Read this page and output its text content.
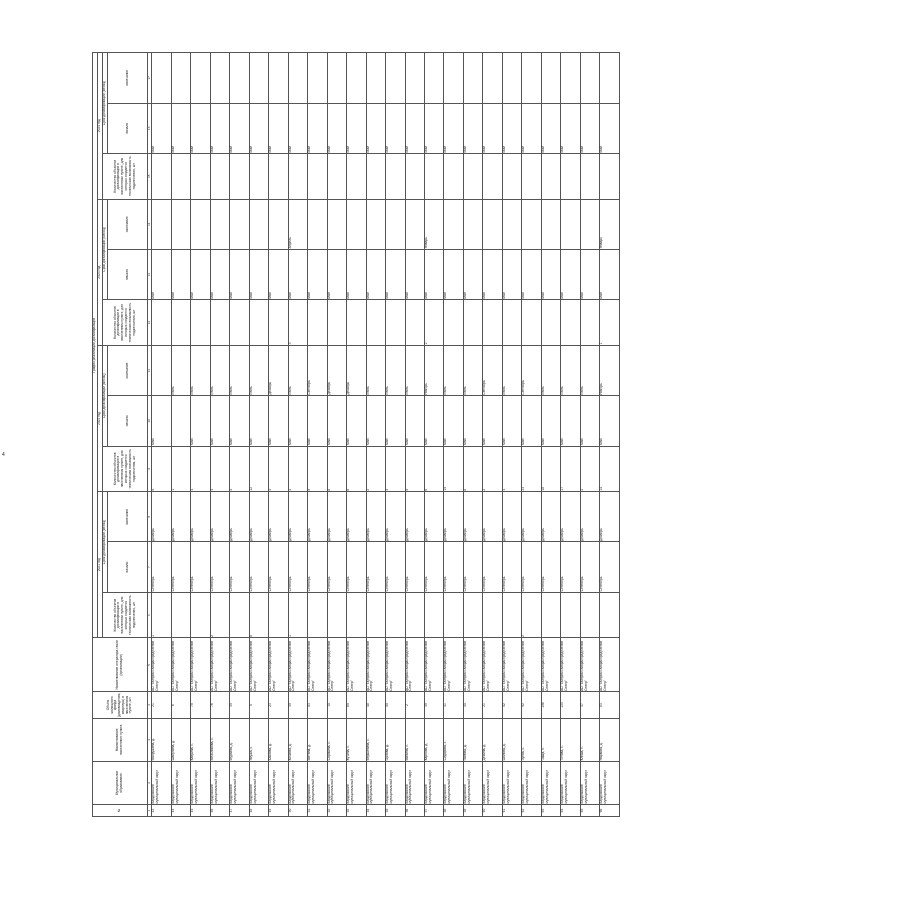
4
№	Муниципальное образование	Наименование населенного пункта	Объём жилищного фонда (домовладения, квартиры) в населенном пункте, шт.	Наименование оператора связи (организации)	График реализации догазификации											
					2021 год			2022 год			2023 год			2024 год		
					Количество объектов догазификации в населенном пункте, для которых создается техническая возможность подключения, шт	Срок догазификации (месяц)		Количество объектов догазификации в населенном пункте, для которых создается техническая возможность подключения, шт	Срок догазификации (месяц)		Количество объектов догазификации в населенном пункте, для которых создается техническая возможность подключения, шт	Срок догазификации (месяц)		Количество объектов догазификации в населенном пункте, для которых создается техническая возможность подключения, шт	Срок догазификации (месяц)	
						начало	окончание		начало	окончание		начало	окончание		начало	окончание
1	2	3	4	5	6	7	8	9	10	11	12	13	14	15	16	17
43	Бердюжский муниципальный округ	Мокрушина, д.	21	АО "Газпром газораспределение Север"	1	Сентябрь	Декабрь	9	Май			Май			Май	
44	Бердюжский муниципальный округ	Шабунина, д.	6	АО "Газпром газораспределение Север"		Сентябрь	Декабрь	1		Июнь		Май			Май	
45	Бердюжский муниципальный округ	Каврина, с.	79	АО "Газпром газораспределение Север"		Сентябрь	Декабрь	4	Май	Июнь		Май			Май	
46	Бердюжский муниципальный округ	Мельникова, с.	76	АО "Газпром газораспределение Север"	2	Сентябрь	Декабрь	4	Май	Июнь		Май			Май	
47	Бердюжский муниципальный округ	Мурзина, д.	30	АО "Газпром газораспределение Север"		Сентябрь	Декабрь	4	Май	Июнь		Май			Май	
48	Бердюжский муниципальный округ	Якуша, с.	5	АО "Газпром газораспределение Север"	8	Сентябрь	Декабрь	12	Май	Июнь		Май			Май	
49	Бердюжский муниципальный округ	Баскова, д.	23	АО "Газпром газораспределение Север"		Сентябрь	Декабрь	4	Май	Декабрь		Май			Май	
50	Бердюжский муниципальный округ	Кочкова, д.	30	АО "Газпром газораспределение Север"	1	Сентябрь	Декабрь	4	Май	Июнь	3	Май	Апрель		Май	
51	Бердюжский муниципальный округ	Митина, д.	83	АО "Газпром газораспределение Север"		Сентябрь	Декабрь	9	Май	Сентябрь		Май			Май	
52	Бердюжский муниципальный округ	Сорокина, с.	15	АО "Газпром газораспределение Север"		Сентябрь	Декабрь	8	Май	Декабрь		Май			Май	
53	Бердюжский муниципальный округ	Кучина, с.	60	АО "Газпром газораспределение Север"		Сентябрь	Декабрь	8	Май	Декабрь		Май			Май	
54	Бердюжский муниципальный округ	Вершинина, с.	48	АО "Газпром газораспределение Север"		Сентябрь	Декабрь	2	Май	Июнь		Май			Май	
55	Бердюжский муниципальный округ	Орлова, д.	55	АО "Газпром газораспределение Север"		Сентябрь	Декабрь	3	Май	Июнь		Май			Май	
56	Бердюжский муниципальный округ	Минина, с.	2	АО "Газпром газораспределение Север"		Сентябрь	Декабрь	5	Май	Июнь		Май			Май	
57	Бердюжский муниципальный округ	Карпова, д.	39	АО "Газпром газораспределение Север"		Сентябрь	Декабрь	6	Май	Ноябрь	2	Май	Январь		Май	
58	Бердюжский муниципальный округ	Сидорова, с.	41	АО "Газпром газораспределение Север"		Сентябрь	Декабрь	15	Май	Июнь		Май			Май	
59	Бердюжский муниципальный округ	Панова, д.	45	АО "Газпром газораспределение Север"		Сентябрь	Декабрь	8	Май	Июнь		Май			Май	
60	Бердюжский муниципальный округ	Демина, д.	21	АО "Газпром газораспределение Север"		Сентябрь	Декабрь	2	Май	Сентябрь		Май			Май	
61	Бердюжский муниципальный округ	Шилова, д.	52	АО "Газпром газораспределение Север"		Сентябрь	Декабрь	4	Май	Июнь		Май			Май	
62	Бердюжский муниципальный округ	Зуева, с.	92	АО "Газпром газораспределение Север"	2	Сентябрь	Декабрь	23	Май	Сентябрь		Май			Май	
63	Бердюжский муниципальный округ	Чаща, п.	108	АО "Газпром газораспределение Север"		Сентябрь	Декабрь	18	Май	Июнь		Май			Май	
64	Бердюжский муниципальный округ	Титова, с.	133	АО "Газпром газораспределение Север"		Сентябрь	Декабрь	17	Май	Июнь		Май			Май	
65	Бердюжский муниципальный округ	Клюка, с.	37	АО "Газпром газораспределение Север"		Сентябрь	Декабрь	2	Май	Июнь		Май			Май	
66	Бердюжский муниципальный округ	Нарвина, д.	83	АО "Газпром газораспределение Север"		Сентябрь	Декабрь	14	Май	Ноябрь	1	Май	Январь		Май	
